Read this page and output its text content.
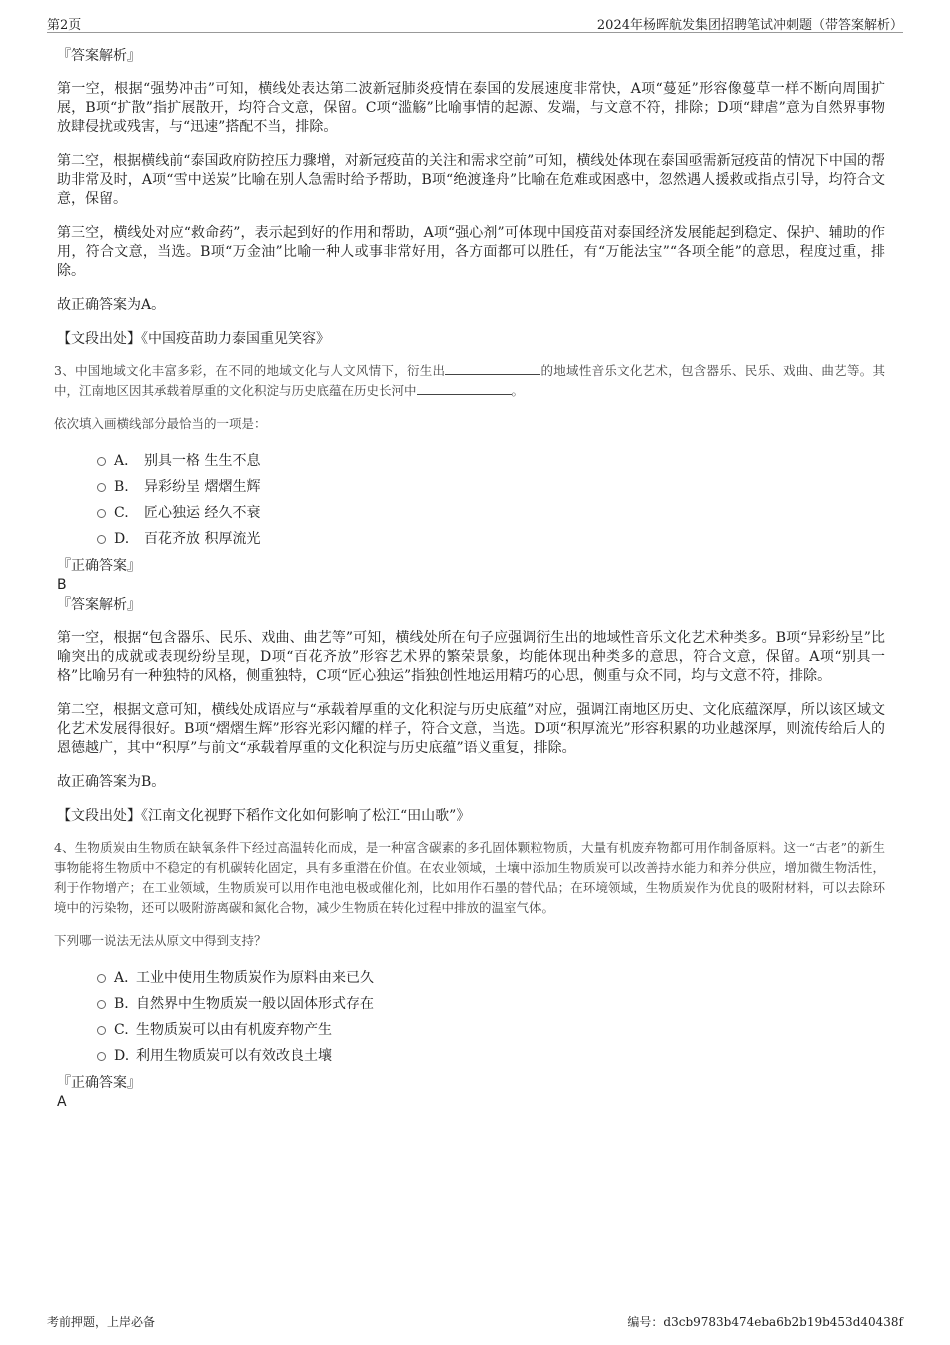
第2页	2024年杨晖航发集团招聘笔试冲刺题（带答案解析）

『答案解析』

第一空，根据“强势冲击”可知，横线处表达第二波新冠肺炎疫情在泰国的发展速度非常快，A项“蔓延”形容像蔓草一样不断向周围扩展，B项“扩散”指扩展散开，均符合文意，保留。C项“滥觞”比喻事情的起源、发端，与文意不符，排除；D项“肆虐”意为自然界事物放肆侵扰或残害，与“迅速”搭配不当，排除。

第二空，根据横线前“泰国政府防控压力骤增，对新冠疫苗的关注和需求空前”可知，横线处体现在泰国亟需新冠疫苗的情况下中国的帮助非常及时，A项“雪中送炭”比喻在别人急需时给予帮助，B项“绝渡逢舟”比喻在危难或困惑中，忽然遇人援救或指点引导，均符合文意，保留。

第三空，横线处对应“救命药”，表示起到好的作用和帮助，A项“强心剂”可体现中国疫苗对泰国经济发展能起到稳定、保护、辅助的作用，符合文意，当选。B项“万金油”比喻一种人或事非常好用，各方面都可以胜任，有“万能法宝”“各项全能”的意思，程度过重，排除。

故正确答案为A。

【文段出处】《中国疫苗助力泰国重见笑容》

3、中国地域文化丰富多彩，在不同的地域文化与人文风情下，衍生出	的地域性音乐文化艺术，包含器乐、民乐、戏曲、曲艺等。其中，江南地区因其承载着厚重的文化积淀与历史底蕴在历史长河中	。

依次填入画横线部分最恰当的一项是：

A． 别具一格 生生不息
B.	异彩纷呈 熠熠生辉
C.	匠心独运 经久不衰
D.	百花齐放 积厚流光

『正确答案』

B

『答案解析』

第一空，根据“包含器乐、民乐、戏曲、曲艺等”可知，横线处所在句子应强调衍生出的地域性音乐文化艺术种类多。B项“异彩纷呈”比喻突出的成就或表现纷纷呈现，D项“百花齐放”形容艺术界的繁荣景象，均能体现出种类多的意思，符合文意，保留。A项“别具一格”比喻另有一种独特的风格，侧重独特，C项“匠心独运”指独创性地运用精巧的心思，侧重与众不同，均与文意不符，排除。

第二空，根据文意可知，横线处成语应与“承载着厚重的文化积淀与历史底蕴”对应，强调江南地区历史、文化底蕴深厚，所以该区域文化艺术发展得很好。B项“熠熠生辉”形容光彩闪耀的样子，符合文意，当选。D项“积厚流光”形容积累的功业越深厚，则流传给后人的恩德越广，其中“积厚”与前文“承载着厚重的文化积淀与历史底蕴”语义重复，排除。

故正确答案为B。

【文段出处】《江南文化视野下稻作文化如何影响了松江“田山歌”》

4、生物质炭由生物质在缺氧条件下经过高温转化而成，是一种富含碳素的多孔固体颗粒物质，大量有机废弃物都可用作制备原料。这一“古老”的新生事物能将生物质中不稳定的有机碳转化固定，具有多重潜在价值。在农业领域，土壤中添加生物质炭可以改善持水能力和养分供应，增加微生物活性，利于作物增产；在工业领域，生物质炭可以用作电池电极或催化剂，比如用作石墨的替代品；在环境领域，生物质炭作为优良的吸附材料，可以去除环境中的污染物，还可以吸附游离碳和氮化合物，减少生物质在转化过程中排放的温室气体。

下列哪一说法无法从原文中得到支持？

A．
工业中使用生物质炭作为原料由来已久
B. 自然界中生物质炭一般以固体形式存在
C. 生物质炭可以由有机废弃物产生
D. 利用生物质炭可以有效改良土壤

『正确答案』

A

考前押题，上岸必备	编号：d3cb9783b474eba6b2b19b453d40438f
